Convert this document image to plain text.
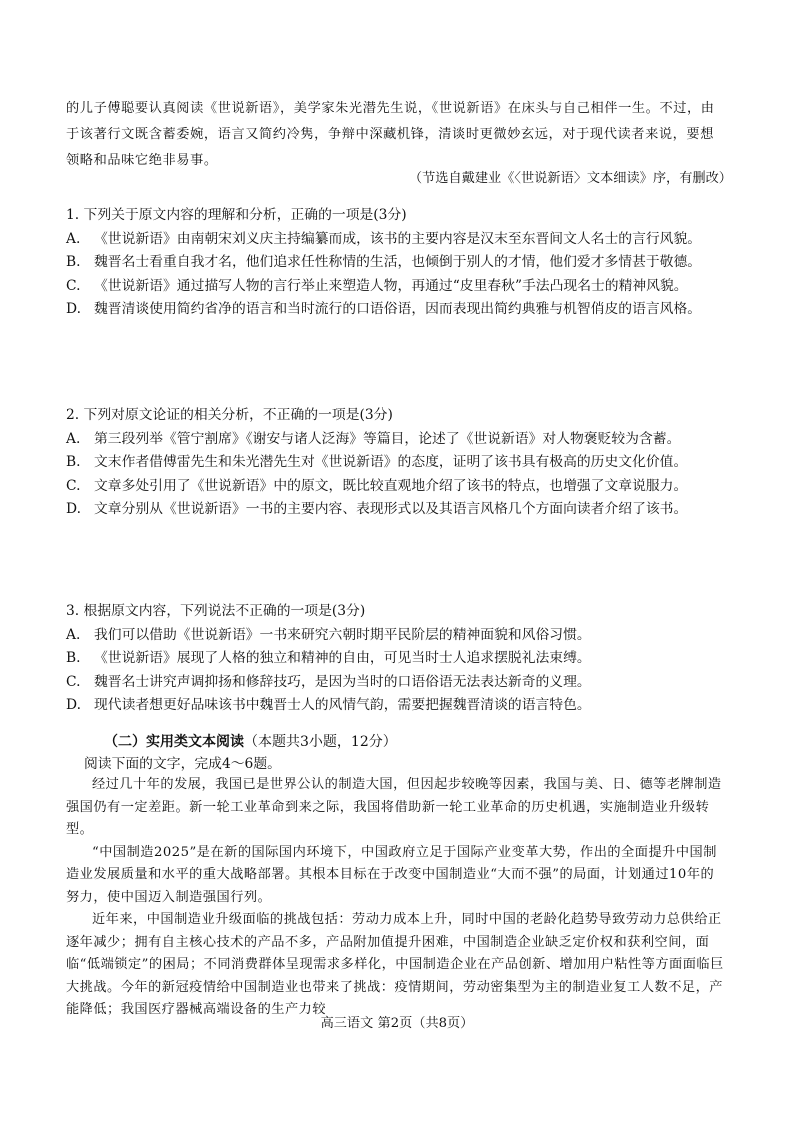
的儿子傅聪要认真阅读《世说新语》，美学家朱光潜先生说，《世说新语》在床头与自己相伴一生。不过，由于该著行文既含蓄委婉，语言又简约冷隽，争辩中深藏机锋，清谈时更微妙玄远，对于现代读者来说，要想领略和品味它绝非易事。
（节选自戴建业《〈世说新语〉文本细读》序，有删改）

1. 下列关于原文内容的理解和分析，正确的一项是(3分)

A. 《世说新语》由南朝宋刘义庆主持编纂而成，该书的主要内容是汉末至东晋间文人名士的言行风貌。

B. 魏晋名士看重自我才名，他们追求任性称情的生活，也倾倒于别人的才情，他们爱才多情甚于敬德。

C. 《世说新语》通过描写人物的言行举止来塑造人物，再通过“皮里春秋”手法凸现名士的精神风貌。

D. 魏晋清谈使用简约省净的语言和当时流行的口语俗语，因而表现出简约典雅与机智俏皮的语言风格。

2. 下列对原文论证的相关分析，不正确的一项是(3分)

A. 第三段列举《管宁割席》《谢安与诸人泛海》等篇目，论述了《世说新语》对人物褒贬较为含蓄。

B. 文末作者借傅雷先生和朱光潜先生对《世说新语》的态度，证明了该书具有极高的历史文化价值。

C. 文章多处引用了《世说新语》中的原文，既比较直观地介绍了该书的特点，也增强了文章说服力。

D. 文章分别从《世说新语》一书的主要内容、表现形式以及其语言风格几个方面向读者介绍了该书。

3. 根据原文内容，下列说法不正确的一项是(3分)

A. 我们可以借助《世说新语》一书来研究六朝时期平民阶层的精神面貌和风俗习惯。

B. 《世说新语》展现了人格的独立和精神的自由，可见当时士人追求摆脱礼法束缚。

C. 魏晋名士讲究声调抑扬和修辞技巧，是因为当时的口语俗语无法表达新奇的义理。

D. 现代读者想更好品味该书中魏晋士人的风情气韵，需要把握魏晋清谈的语言特色。

（二）实用类文本阅读（本题共3小题，12分）
阅读下面的文字，完成4～6题。

经过几十年的发展，我国已是世界公认的制造大国，但因起步较晚等因素，我国与美、日、德等老牌制造强国仍有一定差距。新一轮工业革命到来之际，我国将借助新一轮工业革命的历史机遇，实施制造业升级转型。

“中国制造2025”是在新的国际国内环境下，中国政府立足于国际产业变革大势，作出的全面提升中国制造业发展质量和水平的重大战略部署。其根本目标在于改变中国制造业“大而不强”的局面，计划通过10年的努力，使中国迈入制造强国行列。

近年来，中国制造业升级面临的挑战包括：劳动力成本上升，同时中国的老龄化趋势导致劳动力总供给正逐年减少；拥有自主核心技术的产品不多，产品附加值提升困难，中国制造企业缺乏定价权和获利空间，面临“低端锁定”的困局；不同消费群体呈现需求多样化，中国制造企业在产品创新、增加用户粘性等方面面临巨大挑战。今年的新冠疫情给中国制造业也带来了挑战：疫情期间，劳动密集型为主的制造业复工人数不足，产能降低；我国医疗器械高端设备的生产力较

高三语文 第2页（共8页）
